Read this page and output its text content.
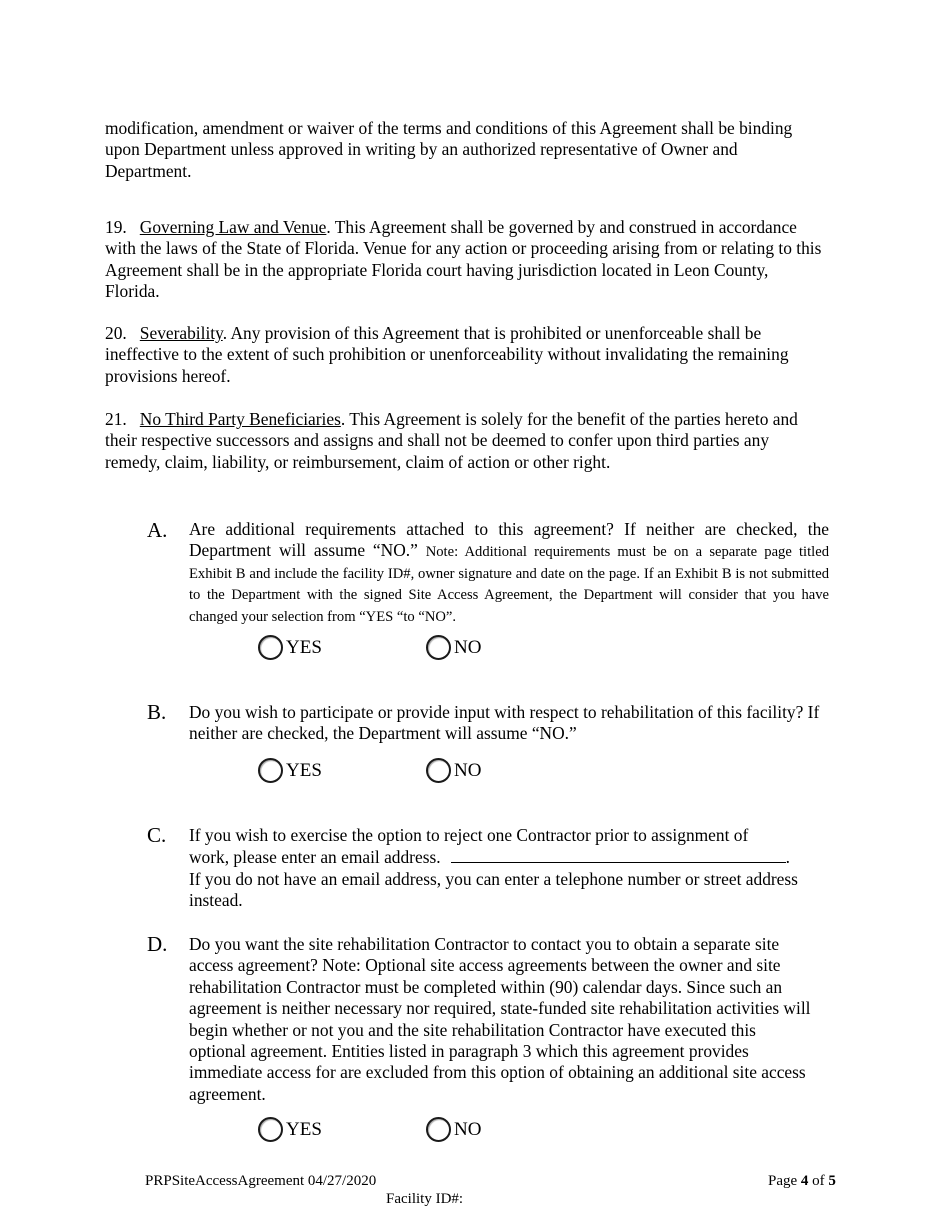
modification, amendment or waiver of the terms and conditions of this Agreement shall be binding upon Department unless approved in writing by an authorized representative of Owner and Department.
19. Governing Law and Venue. This Agreement shall be governed by and construed in accordance with the laws of the State of Florida. Venue for any action or proceeding arising from or relating to this Agreement shall be in the appropriate Florida court having jurisdiction located in Leon County, Florida.
20. Severability. Any provision of this Agreement that is prohibited or unenforceable shall be ineffective to the extent of such prohibition or unenforceability without invalidating the remaining provisions hereof.
21. No Third Party Beneficiaries. This Agreement is solely for the benefit of the parties hereto and their respective successors and assigns and shall not be deemed to confer upon third parties any remedy, claim, liability, or reimbursement, claim of action or other right.
A. Are additional requirements attached to this agreement? If neither are checked, the Department will assume “NO.” Note: Additional requirements must be on a separate page titled Exhibit B and include the facility ID#, owner signature and date on the page. If an Exhibit B is not submitted to the Department with the signed Site Access Agreement, the Department will consider that you have changed your selection from “YES “to “NO”.
YES	NO
B. Do you wish to participate or provide input with respect to rehabilitation of this facility? If neither are checked, the Department will assume “NO.”
YES	NO
C. If you wish to exercise the option to reject one Contractor prior to assignment of
work, please enter an email address.	.
If you do not have an email address, you can enter a telephone number or street address instead.
D. Do you want the site rehabilitation Contractor to contact you to obtain a separate site access agreement? Note: Optional site access agreements between the owner and site rehabilitation Contractor must be completed within (90) calendar days. Since such an agreement is neither necessary nor required, state-funded site rehabilitation activities will begin whether or not you and the site rehabilitation Contractor have executed this optional agreement. Entities listed in paragraph 3 which this agreement provides immediate access for are excluded from this option of obtaining an additional site access agreement.
YES	NO
PRPSiteAccessAgreement 04/27/2020	Page 4 of 5
Facility ID#:
